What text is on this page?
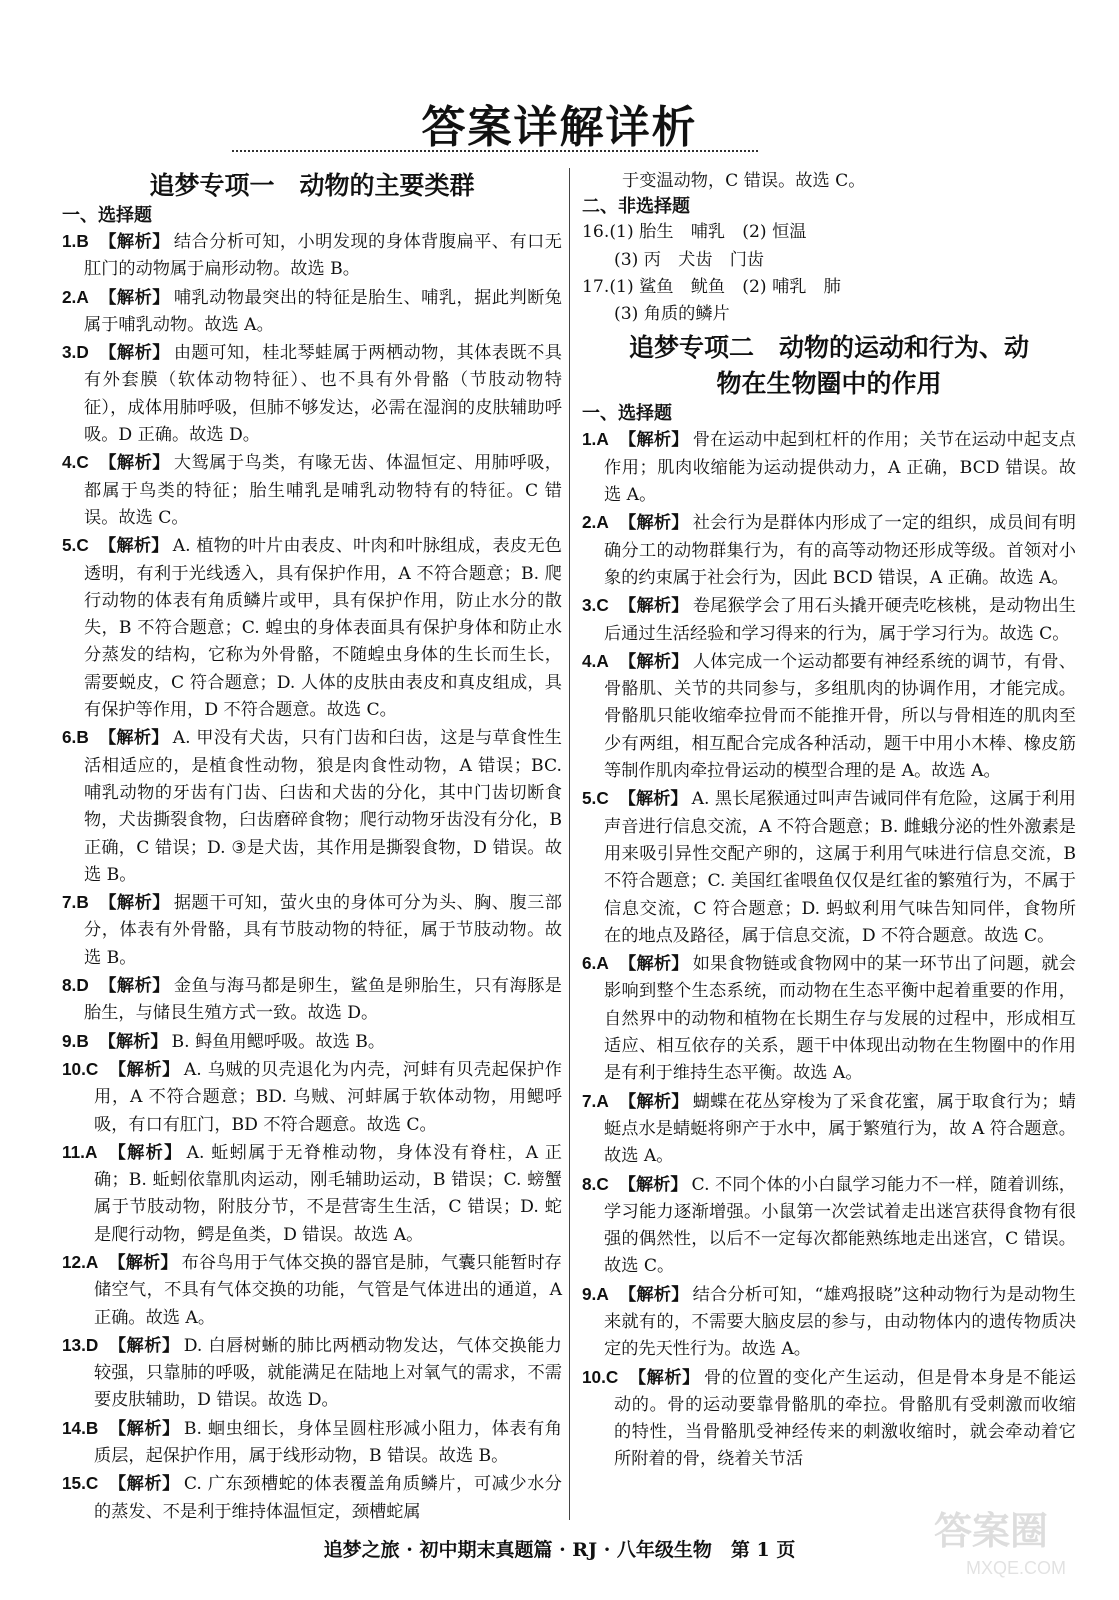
答案详解详析
追梦专项一　动物的主要类群
一、选择题
1.B 【解析】 结合分析可知，小明发现的身体背腹扁平、有口无肛门的动物属于扁形动物。故选 B。
2.A 【解析】 哺乳动物最突出的特征是胎生、哺乳，据此判断兔属于哺乳动物。故选 A。
3.D 【解析】 由题可知，桂北琴蛙属于两栖动物，其体表既不具有外套膜（软体动物特征）、也不具有外骨骼（节肢动物特征），成体用肺呼吸，但肺不够发达，必需在湿润的皮肤辅助呼吸。D 正确。故选 D。
4.C 【解析】 大鸳属于鸟类，有喙无齿、体温恒定、用肺呼吸，都属于鸟类的特征；胎生哺乳是哺乳动物特有的特征。C 错误。故选 C。
5.C 【解析】 A. 植物的叶片由表皮、叶肉和叶脉组成，表皮无色透明，有利于光线透入，具有保护作用，A 不符合题意；B. 爬行动物的体表有角质鳞片或甲，具有保护作用，防止水分的散失，B 不符合题意；C. 蝗虫的身体表面具有保护身体和防止水分蒸发的结构，它称为外骨骼，不随蝗虫身体的生长而生长，需要蜕皮，C 符合题意；D. 人体的皮肤由表皮和真皮组成，具有保护等作用，D 不符合题意。故选 C。
6.B 【解析】 A. 甲没有犬齿，只有门齿和臼齿，这是与草食性生活相适应的，是植食性动物，狼是肉食性动物，A 错误；BC. 哺乳动物的牙齿有门齿、臼齿和犬齿的分化，其中门齿切断食物，犬齿撕裂食物，臼齿磨碎食物；爬行动物牙齿没有分化，B 正确，C 错误；D. ③是犬齿，其作用是撕裂食物，D 错误。故选 B。
7.B 【解析】 据题干可知，萤火虫的身体可分为头、胸、腹三部分，体表有外骨骼，具有节肢动物的特征，属于节肢动物。故选 B。
8.D 【解析】 金鱼与海马都是卵生，鲨鱼是卵胎生，只有海豚是胎生，与储艮生殖方式一致。故选 D。
9.B 【解析】 B. 鲟鱼用鳃呼吸。故选 B。
10.C 【解析】 A. 乌贼的贝壳退化为内壳，河蚌有贝壳起保护作用，A 不符合题意；BD. 乌贼、河蚌属于软体动物，用鳃呼吸，有口有肛门，BD 不符合题意。故选 C。
11.A 【解析】 A. 蚯蚓属于无脊椎动物，身体没有脊柱，A 正确；B. 蚯蚓依靠肌肉运动，刚毛辅助运动，B 错误；C. 螃蟹属于节肢动物，附肢分节，不是营寄生生活，C 错误；D. 蛇是爬行动物，鳄是鱼类，D 错误。故选 A。
12.A 【解析】 布谷鸟用于气体交换的器官是肺，气囊只能暂时存储空气，不具有气体交换的功能，气管是气体进出的通道，A 正确。故选 A。
13.D 【解析】 D. 白唇树蜥的肺比两栖动物发达，气体交换能力较强，只靠肺的呼吸，就能满足在陆地上对氧气的需求，不需要皮肤辅助，D 错误。故选 D。
14.B 【解析】 B. 蛔虫细长，身体呈圆柱形减小阻力，体表有角质层，起保护作用，属于线形动物，B 错误。故选 B。
15.C 【解析】 C. 广东颈槽蛇的体表覆盖角质鳞片，可减少水分的蒸发、不是利于维持体温恒定，颈槽蛇属
于变温动物，C 错误。故选 C。
二、非选择题
16.(1) 胎生　哺乳　(2) 恒温
(3) 丙　犬齿　门齿
17.(1) 鲨鱼　鱿鱼　(2) 哺乳　肺
(3) 角质的鳞片
追梦专项二　动物的运动和行为、动
物在生物圈中的作用
一、选择题
1.A 【解析】 骨在运动中起到杠杆的作用；关节在运动中起支点作用；肌肉收缩能为运动提供动力，A 正确，BCD 错误。故选 A。
2.A 【解析】 社会行为是群体内形成了一定的组织，成员间有明确分工的动物群集行为，有的高等动物还形成等级。首领对小象的约束属于社会行为，因此 BCD 错误，A 正确。故选 A。
3.C 【解析】 卷尾猴学会了用石头撬开硬壳吃核桃，是动物出生后通过生活经验和学习得来的行为，属于学习行为。故选 C。
4.A 【解析】 人体完成一个运动都要有神经系统的调节，有骨、骨骼肌、关节的共同参与，多组肌肉的协调作用，才能完成。骨骼肌只能收缩牵拉骨而不能推开骨，所以与骨相连的肌肉至少有两组，相互配合完成各种活动，题干中用小木棒、橡皮筋等制作肌肉牵拉骨运动的模型合理的是 A。故选 A。
5.C 【解析】 A. 黑长尾猴通过叫声告诫同伴有危险，这属于利用声音进行信息交流，A 不符合题意；B. 雌蛾分泌的性外激素是用来吸引异性交配产卵的，这属于利用气味进行信息交流，B 不符合题意；C. 美国红雀喂鱼仅仅是红雀的繁殖行为，不属于信息交流，C 符合题意；D. 蚂蚁利用气味告知同伴，食物所在的地点及路径，属于信息交流，D 不符合题意。故选 C。
6.A 【解析】 如果食物链或食物网中的某一环节出了问题，就会影响到整个生态系统，而动物在生态平衡中起着重要的作用，自然界中的动物和植物在长期生存与发展的过程中，形成相互适应、相互依存的关系，题干中体现出动物在生物圈中的作用是有利于维持生态平衡。故选 A。
7.A 【解析】 蝴蝶在花丛穿梭为了采食花蜜，属于取食行为；蜻蜓点水是蜻蜓将卵产于水中，属于繁殖行为，故 A 符合题意。故选 A。
8.C 【解析】 C. 不同个体的小白鼠学习能力不一样，随着训练，学习能力逐渐增强。小鼠第一次尝试着走出迷宫获得食物有很强的偶然性，以后不一定每次都能熟练地走出迷宫，C 错误。故选 C。
9.A 【解析】 结合分析可知，“雄鸡报晓”这种动物行为是动物生来就有的，不需要大脑皮层的参与，由动物体内的遗传物质决定的先天性行为。故选 A。
10.C 【解析】 骨的位置的变化产生运动，但是骨本身是不能运动的。骨的运动要靠骨骼肌的牵拉。骨骼肌有受刺激而收缩的特性，当骨骼肌受神经传来的刺激收缩时，就会牵动着它所附着的骨，绕着关节活
追梦之旅 · 初中期末真题篇 · RJ · 八年级生物　第 1 页	答案圈
MXQE.COM
